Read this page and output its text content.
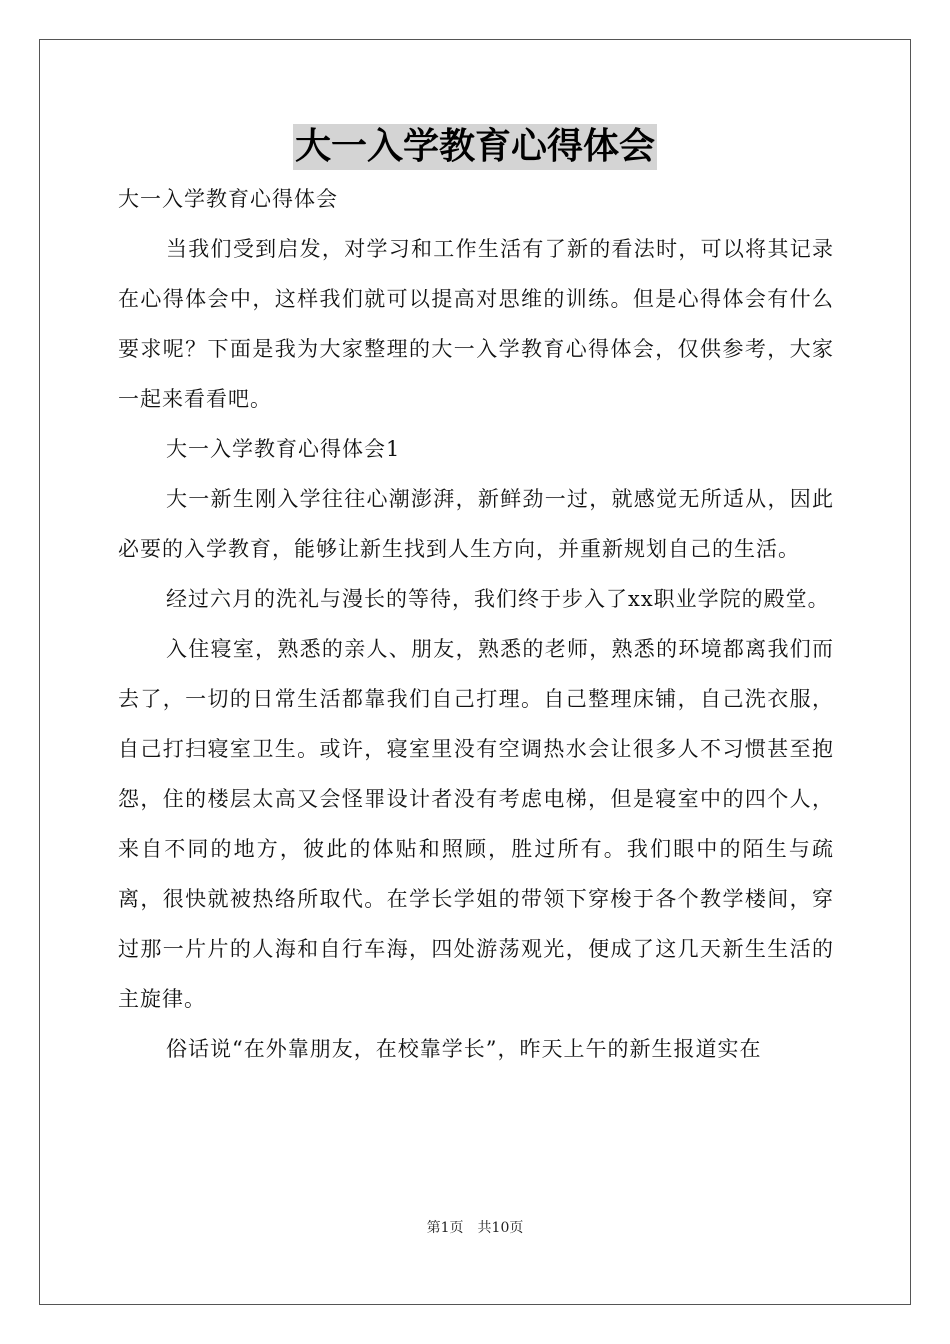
大一入学教育心得体会

大一入学教育心得体会

当我们受到启发，对学习和工作生活有了新的看法时，可以将其记录在心得体会中，这样我们就可以提高对思维的训练。但是心得体会有什么要求呢？下面是我为大家整理的大一入学教育心得体会，仅供参考，大家一起来看看吧。

大一入学教育心得体会1

大一新生刚入学往往心潮澎湃，新鲜劲一过，就感觉无所适从，因此必要的入学教育，能够让新生找到人生方向，并重新规划自己的生活。

经过六月的洗礼与漫长的等待，我们终于步入了xx职业学院的殿堂。

入住寝室，熟悉的亲人、朋友，熟悉的老师，熟悉的环境都离我们而去了，一切的日常生活都靠我们自己打理。自己整理床铺，自己洗衣服，自己打扫寝室卫生。或许，寝室里没有空调热水会让很多人不习惯甚至抱怨，住的楼层太高又会怪罪设计者没有考虑电梯，但是寝室中的四个人，来自不同的地方，彼此的体贴和照顾，胜过所有。我们眼中的陌生与疏离，很快就被热络所取代。在学长学姐的带领下穿梭于各个教学楼间，穿过那一片片的人海和自行车海，四处游荡观光，便成了这几天新生生活的主旋律。

俗话说“在外靠朋友，在校靠学长”，昨天上午的新生报道实在

第1页 共10页
